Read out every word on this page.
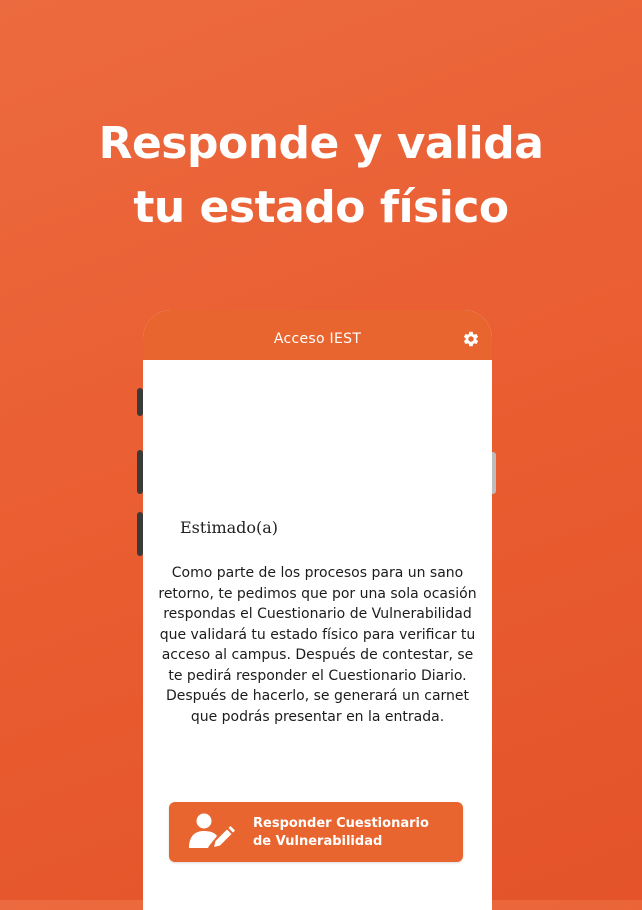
Responde y valida
tu estado físico
Acceso IEST
Estimado(a)
Como parte de los procesos para un sano retorno, te pedimos que por una sola ocasión respondas el Cuestionario de Vulnerabilidad que validará tu estado físico para verificar tu acceso al campus. Después de contestar, se te pedirá responder el Cuestionario Diario. Después de hacerlo, se generará un carnet que podrás presentar en la entrada.
Responder Cuestionario
de Vulnerabilidad
